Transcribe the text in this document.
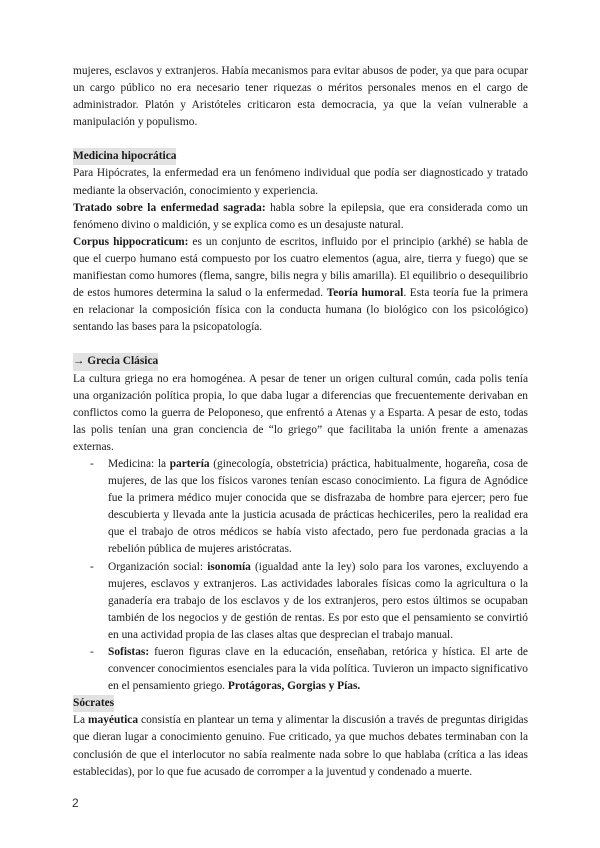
mujeres, esclavos y extranjeros. Había mecanismos para evitar abusos de poder, ya que para ocupar un cargo público no era necesario tener riquezas o méritos personales menos en el cargo de administrador. Platón y Aristóteles criticaron esta democracia, ya que la veían vulnerable a manipulación y populismo.

Medicina hipocrática

Para Hipócrates, la enfermedad era un fenómeno individual que podía ser diagnosticado y tratado mediante la observación, conocimiento y experiencia.

Tratado sobre la enfermedad sagrada: habla sobre la epilepsia, que era considerada como un fenómeno divino o maldición, y se explica como es un desajuste natural.

Corpus hippocraticum: es un conjunto de escritos, influido por el principio (arkhé) se habla de que el cuerpo humano está compuesto por los cuatro elementos (agua, aire, tierra y fuego) que se manifiestan como humores (flema, sangre, bilis negra y bilis amarilla). El equilibrio o desequilibrio de estos humores determina la salud o la enfermedad. Teoría humoral. Esta teoría fue la primera en relacionar la composición física con la conducta humana (lo biológico con los psicológico) sentando las bases para la psicopatología.

→ Grecia Clásica

La cultura griega no era homogénea. A pesar de tener un origen cultural común, cada polis tenía una organización política propia, lo que daba lugar a diferencias que frecuentemente derivaban en conflictos como la guerra de Peloponeso, que enfrentó a Atenas y a Esparta. A pesar de esto, todas las polis tenían una gran conciencia de “lo griego” que facilitaba la unión frente a amenazas externas.

- Medicina: la partería (ginecología, obstetricia) práctica, habitualmente, hogareña, cosa de mujeres, de las que los físicos varones tenían escaso conocimiento. La figura de Agnódice fue la primera médico mujer conocida que se disfrazaba de hombre para ejercer; pero fue descubierta y llevada ante la justicia acusada de prácticas hechiceriles, pero la realidad era que el trabajo de otros médicos se había visto afectado, pero fue perdonada gracias a la rebelión pública de mujeres aristócratas.
- Organización social: isonomía (igualdad ante la ley) solo para los varones, excluyendo a mujeres, esclavos y extranjeros. Las actividades laborales físicas como la agricultura o la ganadería era trabajo de los esclavos y de los extranjeros, pero estos últimos se ocupaban también de los negocios y de gestión de rentas. Es por esto que el pensamiento se convirtió en una actividad propia de las clases altas que desprecian el trabajo manual.
- Sofistas: fueron figuras clave en la educación, enseñaban, retórica y hística. El arte de convencer conocimientos esenciales para la vida política. Tuvieron un impacto significativo en el pensamiento griego. Protágoras, Gorgias y Pías.
Sócrates

La mayéutica consistía en plantear un tema y alimentar la discusión a través de preguntas dirigidas que dieran lugar a conocimiento genuino. Fue criticado, ya que muchos debates terminaban con la conclusión de que el interlocutor no sabía realmente nada sobre lo que hablaba (crítica a las ideas establecidas), por lo que fue acusado de corromper a la juventud y condenado a muerte.

2
